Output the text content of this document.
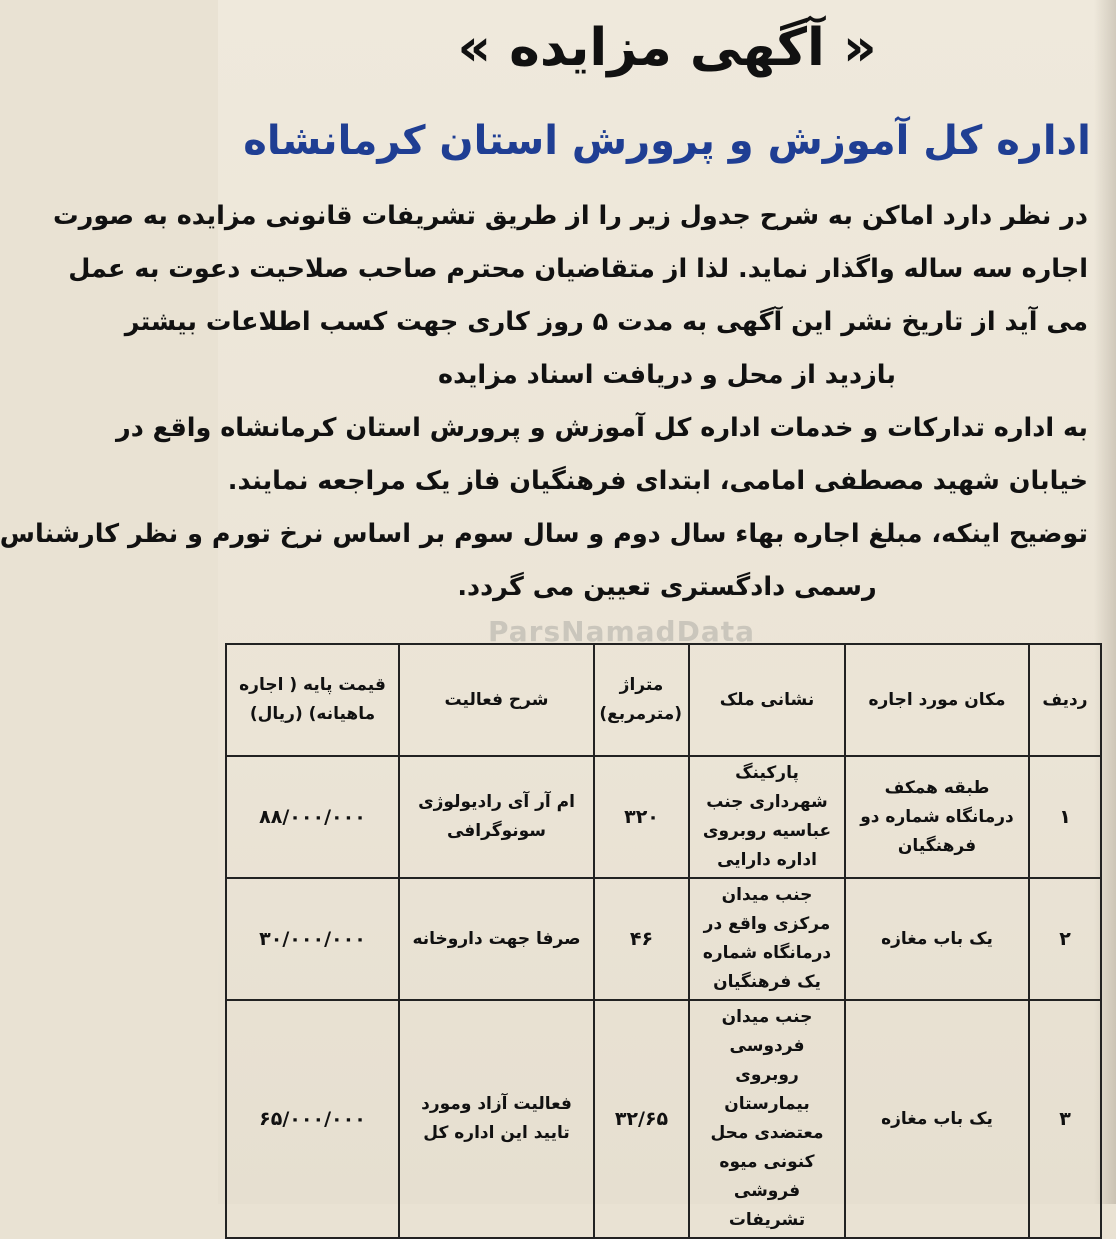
« آگهی مزایده »
اداره کل آموزش و پرورش استان کرمانشاه
در نظر دارد اماکن به شرح جدول زیر را از طریق تشریفات قانونی مزایده به صورت
اجاره سه ساله واگذار نماید. لذا از متقاضیان محترم صاحب صلاحیت دعوت به عمل
می آید از تاریخ نشر این آگهی به مدت ۵ روز کاری جهت کسب اطلاعات بیشتر
بازدید از محل و دریافت اسناد مزایده
به اداره تدارکات و خدمات اداره کل آموزش و پرورش استان کرمانشاه واقع در
خیابان شهید مصطفی امامی، ابتدای فرهنگیان فاز یک مراجعه نمایند.
توضیح اینکه، مبلغ اجاره بهاء سال دوم و سال سوم بر اساس نرخ تورم و نظر کارشناس
رسمی دادگستری تعیین می گردد.
ParsNamadData
ردیف	مکان مورد اجاره	نشانی ملک	متراژ (مترمربع)	شرح فعالیت	قیمت پایه ( اجاره ماهیانه) (ریال)
۱	طبقه همکف درمانگاه شماره دو فرهنگیان	پارکینگ شهرداری جنب عباسیه روبروی اداره دارایی	۳۲۰	ام آر آی رادیولوژی سونوگرافی	۸۸/۰۰۰/۰۰۰
۲	یک باب مغازه	جنب میدان مرکزی واقع در درمانگاه شماره یک فرهنگیان	۴۶	صرفا جهت داروخانه	۳۰/۰۰۰/۰۰۰
۳	یک باب مغازه	جنب میدان فردوسی روبروی بیمارستان معتضدی محل کنونی میوه فروشی تشریفات	۳۲/۶۵	فعالیت آزاد ومورد تایید این اداره کل	۶۵/۰۰۰/۰۰۰
